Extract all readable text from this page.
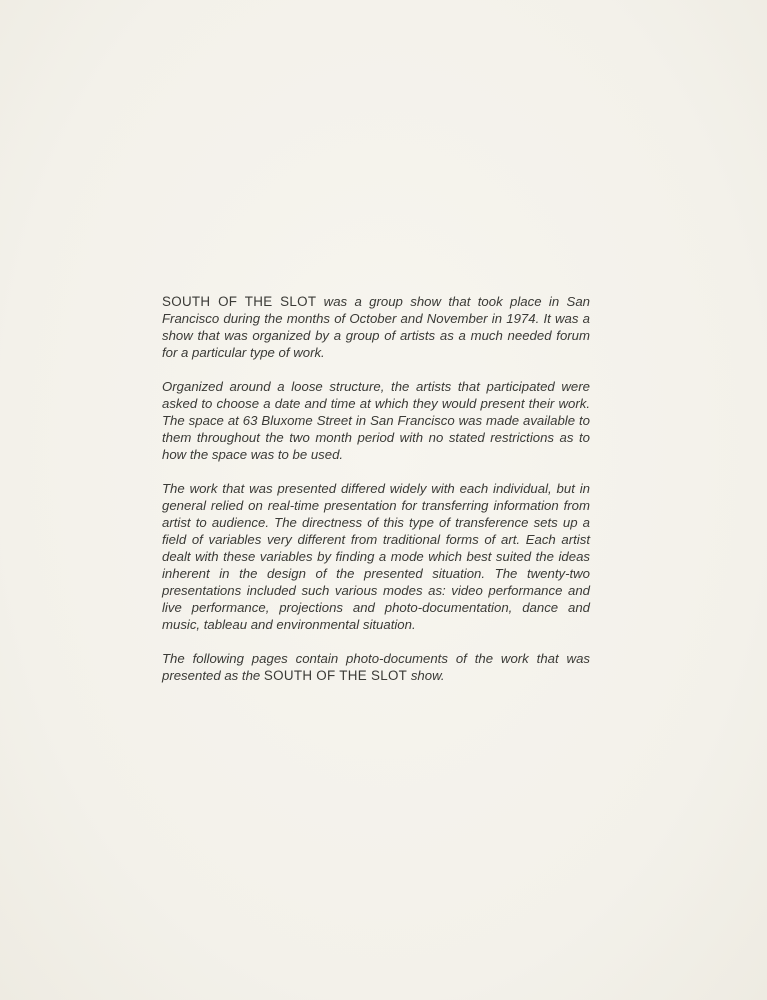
SOUTH OF THE SLOT was a group show that took place in San Francisco during the months of October and November in 1974. It was a show that was organized by a group of artists as a much needed forum for a particular type of work.

Organized around a loose structure, the artists that participated were asked to choose a date and time at which they would present their work. The space at 63 Bluxome Street in San Francisco was made available to them throughout the two month period with no stated restrictions as to how the space was to be used.

The work that was presented differed widely with each individual, but in general relied on real-time presentation for transferring information from artist to audience. The directness of this type of transference sets up a field of variables very different from traditional forms of art. Each artist dealt with these variables by finding a mode which best suited the ideas inherent in the design of the presented situation. The twenty-two presentations included such various modes as: video performance and live performance, projections and photo-documentation, dance and music, tableau and environmental situation.

The following pages contain photo-documents of the work that was presented as the SOUTH OF THE SLOT show.
